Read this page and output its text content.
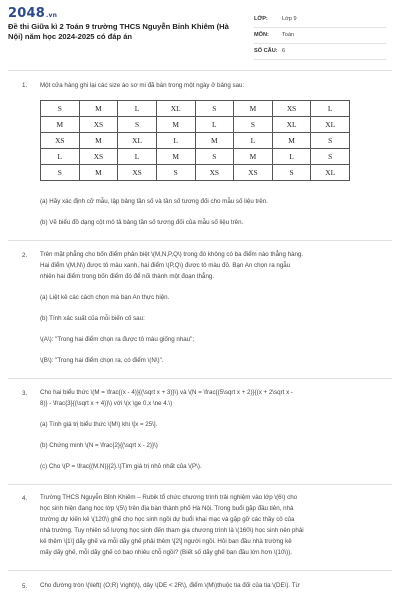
2048.vn
Đề thi Giữa kì 2 Toán 9 trường THCS Nguyễn Bỉnh Khiêm (Hà Nội) năm học 2024-2025 có đáp án
LỚP:	Lớp 9
MÔN: Toán
SỐ CÂU: 6
1. Một cửa hàng ghi lại các size áo sơ mi đã bán trong một ngày ở bảng sau:
S	M	L	XL	S	M	XS	L
M	XS	S	M	L	S	XL	XL
XS	M	XL	L	M	L	M	S
L	XS	L	M	S	M	L	S
S	M	XS	S	XS	XS	S	XL
(a) Hãy xác định cỡ mẫu, lập bảng tần số và tần số tương đối cho mẫu số liệu trên.
(b) Vẽ biểu đồ dạng cột mô tả bảng tần số tương đối của mẫu số liệu trên.
2. Trên mặt phẳng cho bốn điểm phân biệt \(M,N,P,Q\) trong đó không có ba điểm nào thẳng hàng.
Hai điểm \(M,N\) được tô màu xanh, hai điểm \(P,Q\) được tô màu đỏ. Bạn An chọn ra ngẫu
nhiên hai điểm trong bốn điểm đó để nối thành một đoạn thẳng.
(a) Liệt kê các cách chọn mà bạn An thực hiện.
(b) Tính xác suất của mỗi biến cố sau:
\(A\): "Trong hai điểm chọn ra được tô màu giống nhau";
\(B\): "Trong hai điểm chọn ra, có điểm \(N\)".
3. Cho hai biểu thức \(M = \frac{(x - 4)}{(\sqrt x + 3)}\) và \(N = \frac{(5\sqrt x + 2)}{(x + 2\sqrt x -
8)} - \frac{3}{(\sqrt x + 4)}\) với \(x \ge 0,x \ne 4.\)
(a) Tính giá trị biểu thức \(M\) khi \[x = 25\].
(b) Chứng minh \(N = \frac{2}{(\sqrt x - 2)}\)
(c) Cho \(P = \frac{(M.N)}{2}.\)Tìm giá trị nhỏ nhất của \(P\).
4. Trường THCS Nguyễn Bỉnh Khiêm – Rubik tổ chức chương trình trải nghiệm vào lớp \(6\) cho
học sinh hiện đang học lớp \(5\) trên địa bàn thành phố Hà Nội. Trong buổi gặp đầu tiên, nhà
trường dự kiến kê \(120\) ghế cho học sinh ngồi dự buổi khai mạc và gặp gỡ các thầy cô của
nhà trường. Tuy nhiên số lượng học sinh đến tham gia chương trình là \(160\) học sinh nên phải
kê thêm \[1\] dãy ghế và mỗi dãy ghế phải thêm \[2\] người ngồi. Hỏi ban đầu nhà trường kê
mấy dãy ghế, mỗi dãy ghế có bao nhiêu chỗ ngồi? (Biết số dãy ghế ban đầu lớn hơn \(10\)).
5. Cho đường tròn \(\left( (O;R) \right)\), dây \(DE < 2R\), điểm \(M\)thuộc tia đối của tia \(DE\). Từ
